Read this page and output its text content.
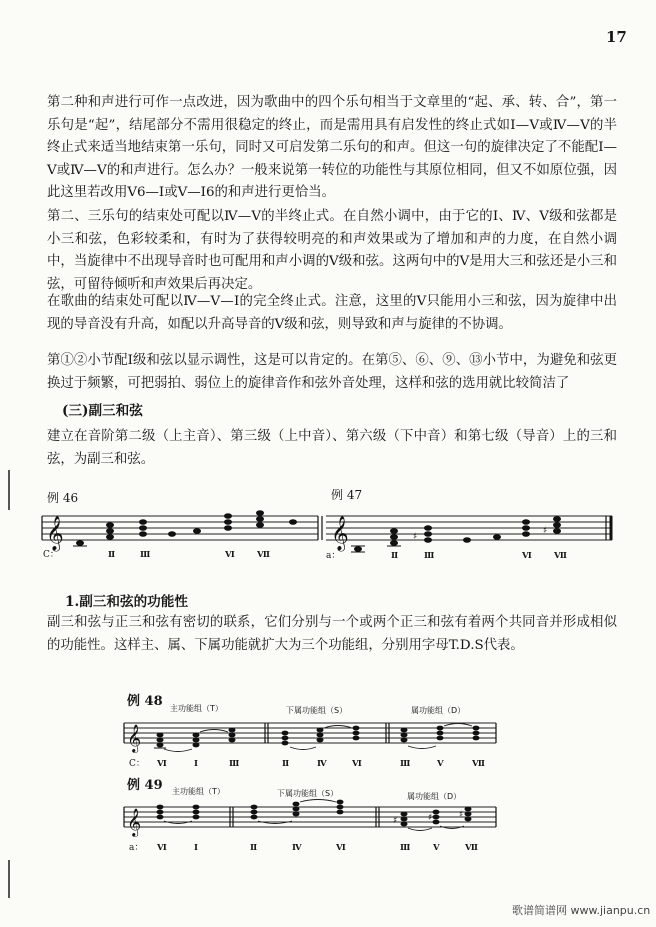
17

第二种和声进行可作一点改进，因为歌曲中的四个乐句相当于文章里的“起、承、转、合”，第一乐句是“起”，结尾部分不需用很稳定的终止，而是需用具有启发性的终止式如Ⅰ—Ⅴ或Ⅳ—Ⅴ的半终止式来适当地结束第一乐句，同时又可启发第二乐句的和声。但这一句的旋律决定了不能配Ⅰ—Ⅴ或Ⅳ—Ⅴ的和声进行。怎么办？一般来说第一转位的功能性与其原位相同，但又不如原位强，因此这里若改用Ⅴ6—Ⅰ或Ⅴ—Ⅰ6的和声进行更恰当。

第二、三乐句的结束处可配以Ⅳ—Ⅴ的半终止式。在自然小调中，由于它的Ⅰ、Ⅳ、Ⅴ级和弦都是小三和弦，色彩较柔和，有时为了获得较明亮的和声效果或为了增加和声的力度，在自然小调中，当旋律中不出现导音时也可配用和声小调的Ⅴ级和弦。这两句中的Ⅴ是用大三和弦还是小三和弦，可留待倾听和声效果后再决定。

在歌曲的结束处可配以Ⅳ—Ⅴ—Ⅰ的完全终止式。注意，这里的Ⅴ只能用小三和弦，因为旋律中出现的导音没有升高，如配以升高导音的Ⅴ级和弦，则导致和声与旋律的不协调。

第①②小节配Ⅰ级和弦以显示调性，这是可以肯定的。在第⑤、⑥、⑨、⑬小节中，为避免和弦更换过于频繁，可把弱拍、弱位上的旋律音作和弦外音处理，这样和弦的选用就比较简洁了

(三)副三和弦

建立在音阶第二级（上主音）、第三级（上中音）、第六级（下中音）和第七级（导音）上的三和弦，为副三和弦。

1.副三和弦的功能性

副三和弦与正三和弦有密切的联系，它们分别与一个或两个正三和弦有着两个共同音并形成相似的功能性。这样主、属、下属功能就扩大为三个功能组，分别用字母T.D.S代表。

例 46
𝄞
C：	Ⅱ	Ⅲ	Ⅵ	Ⅶ
例 47
𝄞	♯
♯
a：	Ⅱ	Ⅲ	Ⅵ	Ⅶ
例 48 主功能组（T）	下属功能组（S）	属功能组（D）
𝄞
C： Ⅵ	Ⅰ	Ⅲ	Ⅱ	Ⅳ	Ⅵ	Ⅲ	Ⅴ	Ⅶ
例 49 主功能组（T）	下属功能组（S）	属功能组（D）
𝄞	♯	♯	♯
a： Ⅵ	Ⅰ	Ⅱ	Ⅳ	Ⅵ	Ⅲ	Ⅴ	Ⅶ
歌谱简谱网 www.jianpu.cn
